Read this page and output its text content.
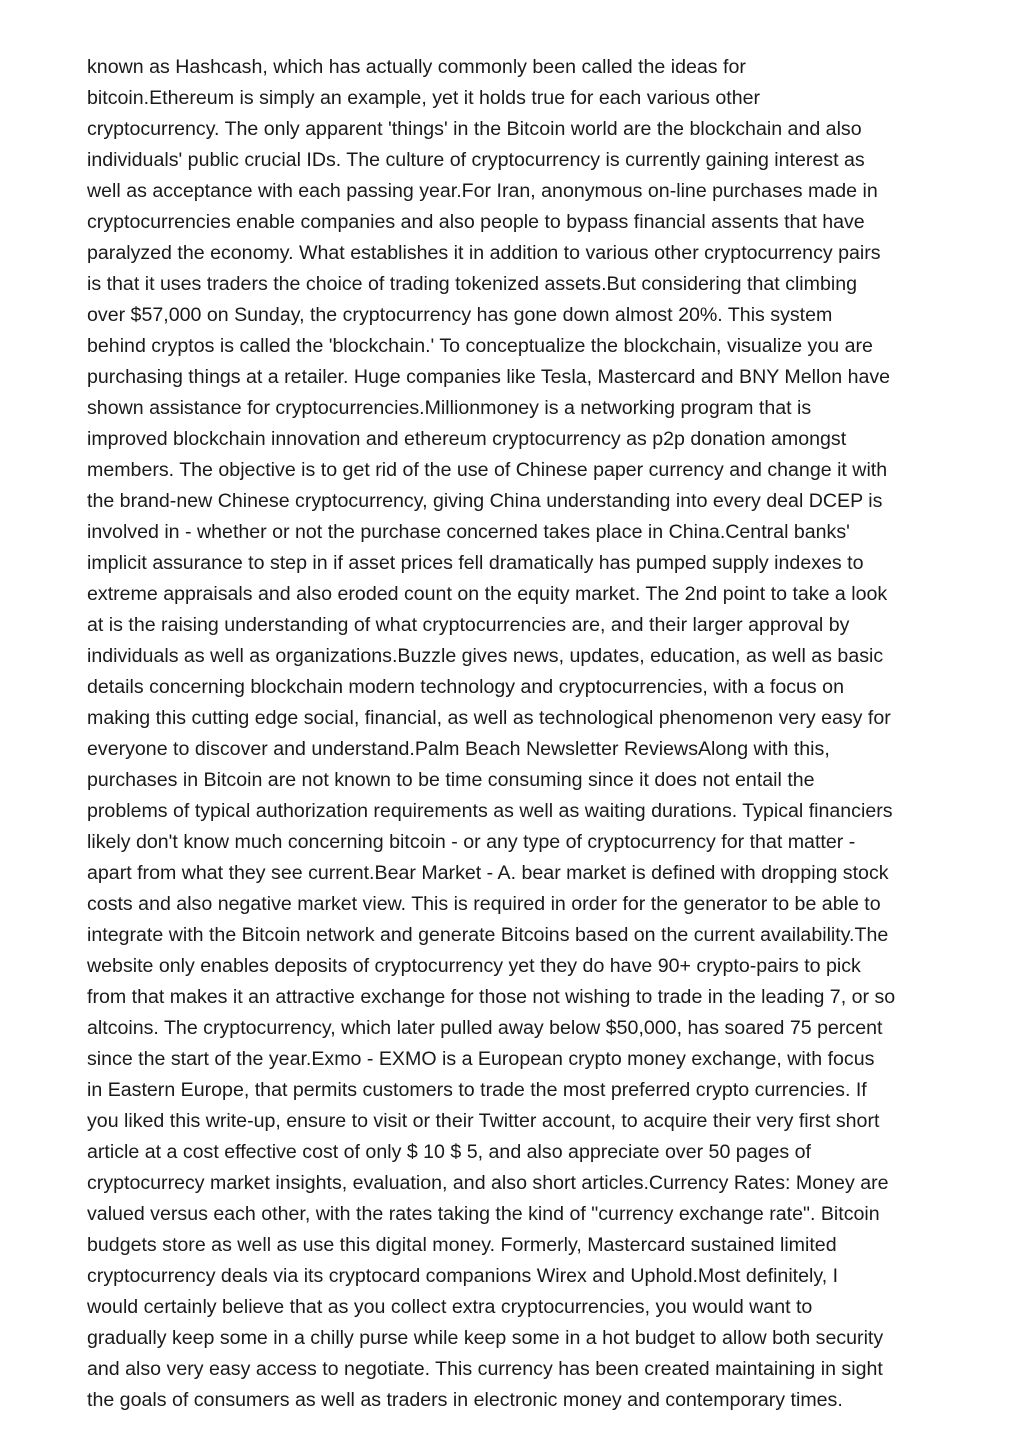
known as Hashcash, which has actually commonly been called the ideas for
bitcoin.Ethereum is simply an example, yet it holds true for each various other
cryptocurrency. The only apparent 'things' in the Bitcoin world are the blockchain and also
individuals' public crucial IDs. The culture of cryptocurrency is currently gaining interest as
well as acceptance with each passing year.For Iran, anonymous on-line purchases made in
cryptocurrencies enable companies and also people to bypass financial assents that have
paralyzed the economy. What establishes it in addition to various other cryptocurrency pairs
is that it uses traders the choice of trading tokenized assets.But considering that climbing
over $57,000 on Sunday, the cryptocurrency has gone down almost 20%. This system
behind cryptos is called the 'blockchain.' To conceptualize the blockchain, visualize you are
purchasing things at a retailer. Huge companies like Tesla, Mastercard and BNY Mellon have
shown assistance for cryptocurrencies.Millionmoney is a networking program that is
improved blockchain innovation and ethereum cryptocurrency as p2p donation amongst
members. The objective is to get rid of the use of Chinese paper currency and change it with
the brand-new Chinese cryptocurrency, giving China understanding into every deal DCEP is
involved in - whether or not the purchase concerned takes place in China.Central banks'
implicit assurance to step in if asset prices fell dramatically has pumped supply indexes to
extreme appraisals and also eroded count on the equity market. The 2nd point to take a look
at is the raising understanding of what cryptocurrencies are, and their larger approval by
individuals as well as organizations.Buzzle gives news, updates, education, as well as basic
details concerning blockchain modern technology and cryptocurrencies, with a focus on
making this cutting edge social, financial, as well as technological phenomenon very easy for
everyone to discover and understand.Palm Beach Newsletter ReviewsAlong with this,
purchases in Bitcoin are not known to be time consuming since it does not entail the
problems of typical authorization requirements as well as waiting durations. Typical financiers
likely don't know much concerning bitcoin - or any type of cryptocurrency for that matter -
apart from what they see current.Bear Market - A. bear market is defined with dropping stock
costs and also negative market view. This is required in order for the generator to be able to
integrate with the Bitcoin network and generate Bitcoins based on the current availability.The
website only enables deposits of cryptocurrency yet they do have 90+ crypto-pairs to pick
from that makes it an attractive exchange for those not wishing to trade in the leading 7, or so
altcoins. The cryptocurrency, which later pulled away below $50,000, has soared 75 percent
since the start of the year.Exmo - EXMO is a European crypto money exchange, with focus
in Eastern Europe, that permits customers to trade the most preferred crypto currencies. If
you liked this write-up, ensure to visit or their Twitter account, to acquire their very first short
article at a cost effective cost of only $ 10 $ 5, and also appreciate over 50 pages of
cryptocurrecy market insights, evaluation, and also short articles.Currency Rates: Money are
valued versus each other, with the rates taking the kind of "currency exchange rate". Bitcoin
budgets store as well as use this digital money. Formerly, Mastercard sustained limited
cryptocurrency deals via its cryptocard companions Wirex and Uphold.Most definitely, I
would certainly believe that as you collect extra cryptocurrencies, you would want to
gradually keep some in a chilly purse while keep some in a hot budget to allow both security
and also very easy access to negotiate. This currency has been created maintaining in sight
the goals of consumers as well as traders in electronic money and contemporary times.
